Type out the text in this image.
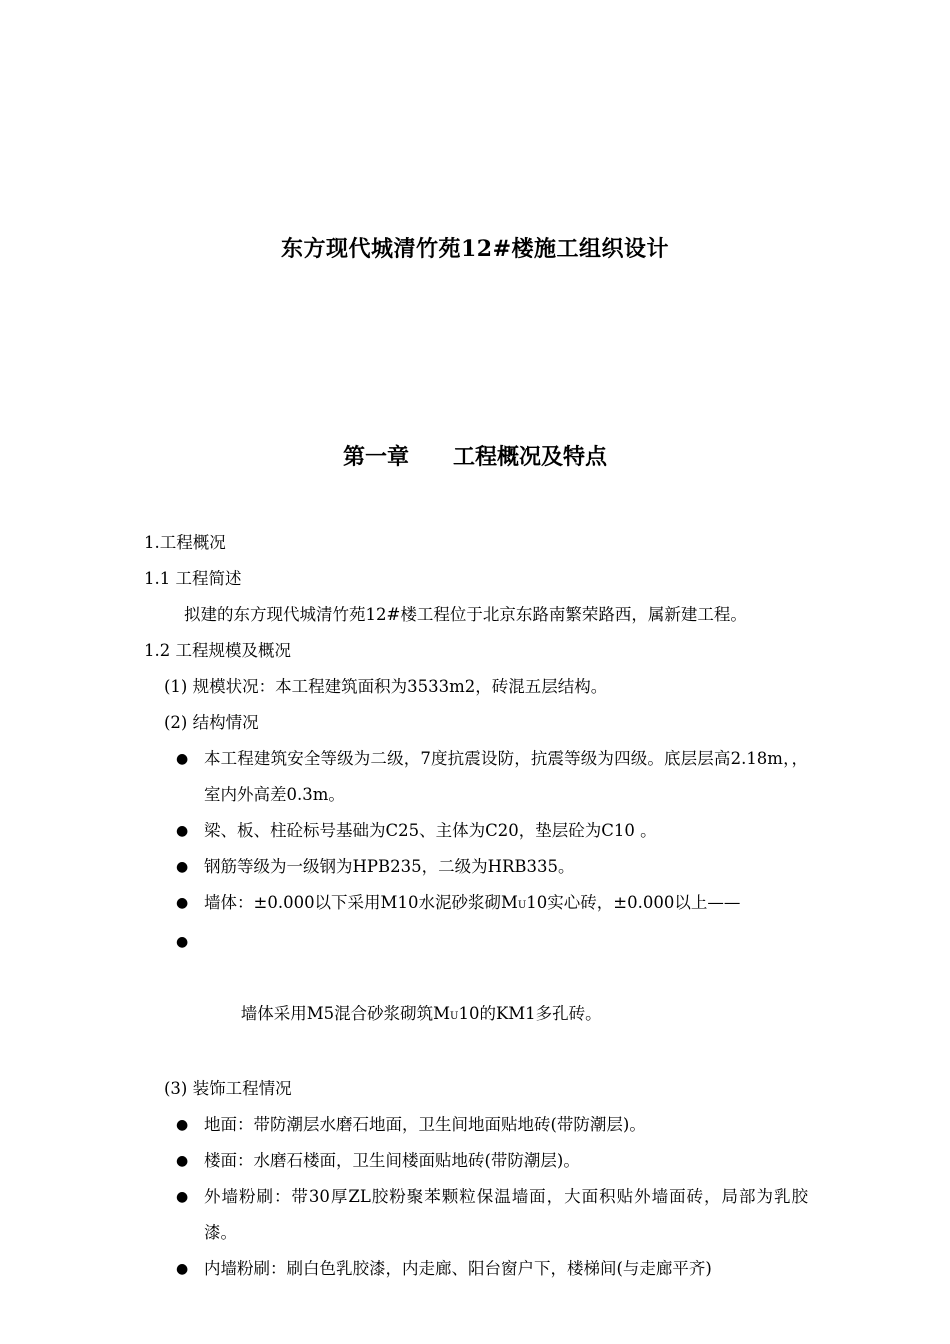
东方现代城清竹苑12#楼施工组织设计
第一章　　工程概况及特点

1.工程概况

1.1 工程简述

拟建的东方现代城清竹苑12#楼工程位于北京东路南繁荣路西，属新建工程。

1.2 工程规模及概况

(1) 规模状况：本工程建筑面积为3533m2，砖混五层结构。

(2) 结构情况

● 本工程建筑安全等级为二级，7度抗震设防，抗震等级为四级。底层层高2.18m，，室内外高差0.3m。

● 梁、板、柱砼标号基础为C25、主体为C20，垫层砼为C10 。

● 钢筋等级为一级钢为HPB235，二级为HRB335。

● 墙体：±0.000以下采用M10水泥砂浆砌MU10实心砖，±0.000以上——

●

墙体采用M5混合砂浆砌筑MU10的KM1多孔砖。

(3) 装饰工程情况

● 地面：带防潮层水磨石地面，卫生间地面贴地砖(带防潮层)。

● 楼面：水磨石楼面，卫生间楼面贴地砖(带防潮层)。

● 外墙粉刷：带30厚ZL胶粉聚苯颗粒保温墙面，大面积贴外墙面砖，局部为乳胶漆。

● 内墙粉刷：刷白色乳胶漆，内走廊、阳台窗户下，楼梯间(与走廊平齐)
